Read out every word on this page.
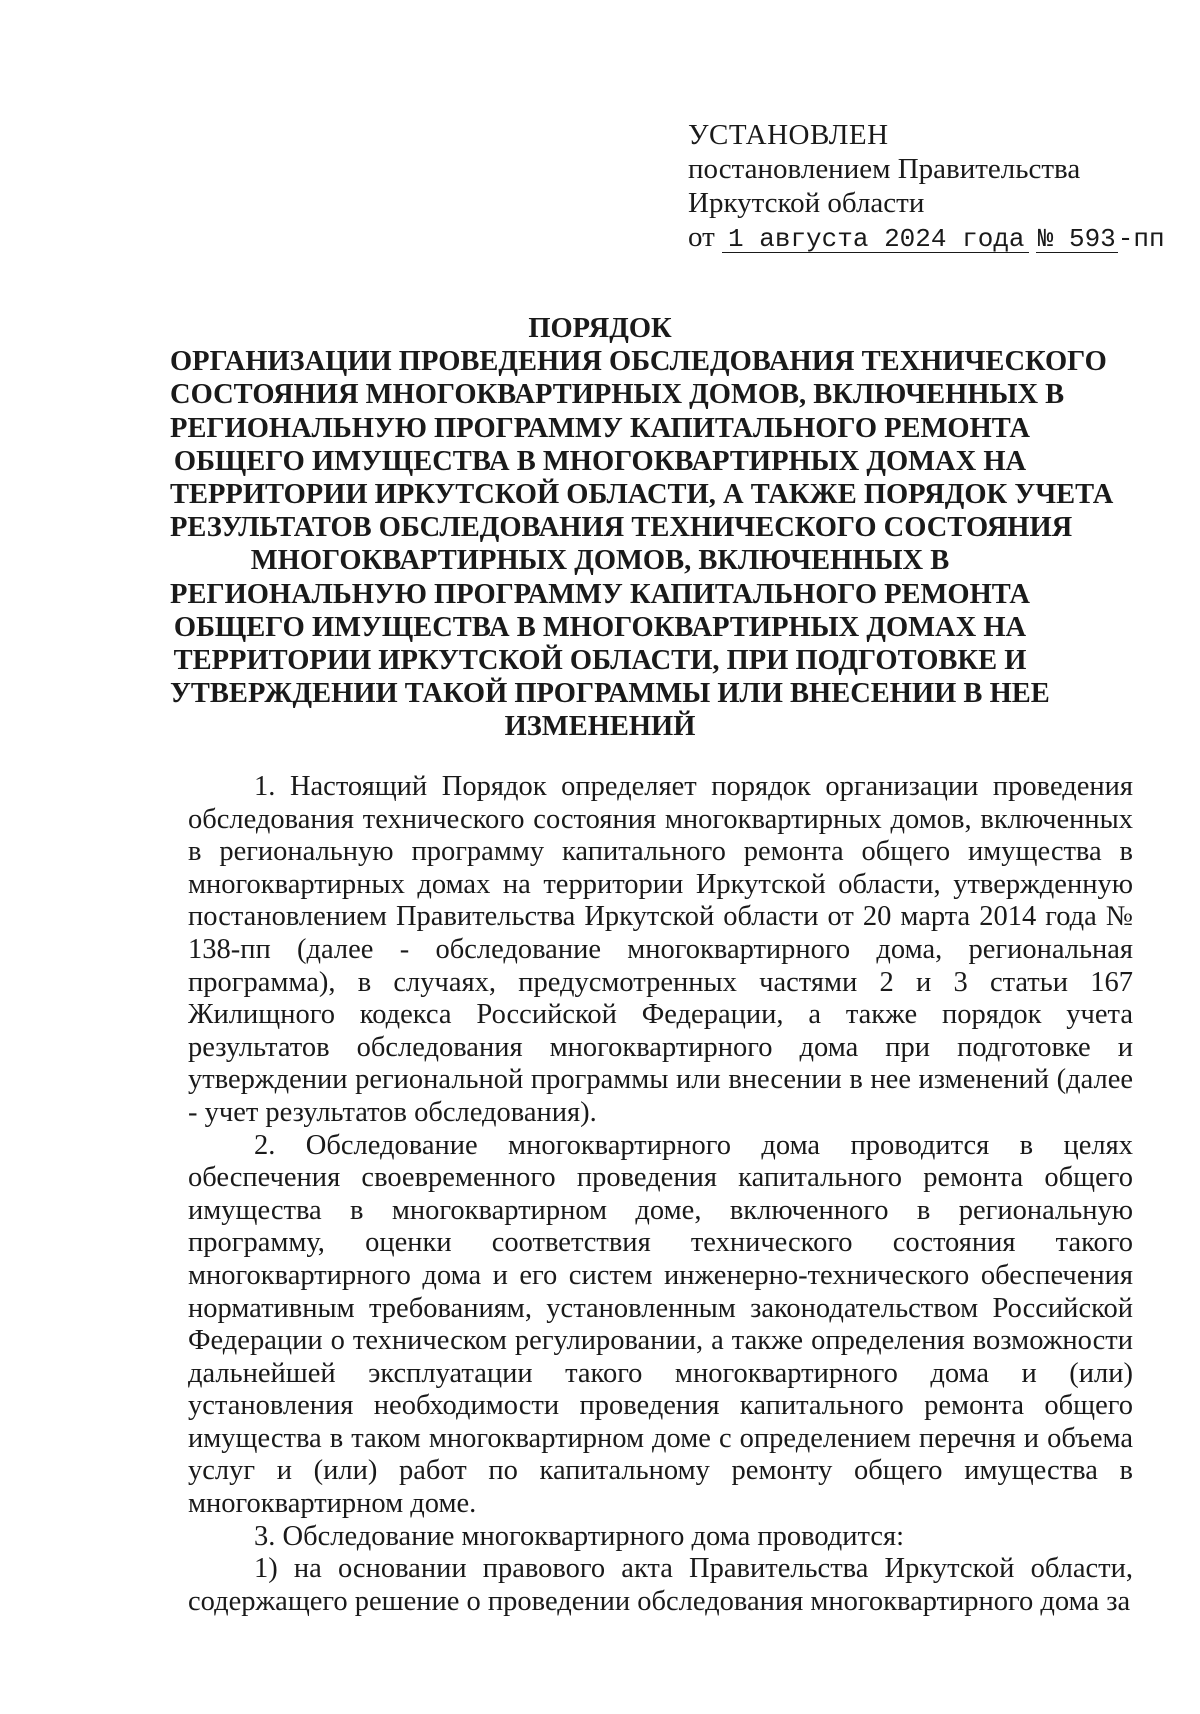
УСТАНОВЛЕН
постановлением Правительства
Иркутской области
от 1 августа 2024 года № 593-пп
ПОРЯДОК
ОРГАНИЗАЦИИ ПРОВЕДЕНИЯ ОБСЛЕДОВАНИЯ ТЕХНИЧЕСКОГО
СОСТОЯНИЯ МНОГОКВАРТИРНЫХ ДОМОВ, ВКЛЮЧЕННЫХ В
РЕГИОНАЛЬНУЮ ПРОГРАММУ КАПИТАЛЬНОГО РЕМОНТА
ОБЩЕГО ИМУЩЕСТВА В МНОГОКВАРТИРНЫХ ДОМАХ НА
ТЕРРИТОРИИ ИРКУТСКОЙ ОБЛАСТИ, А ТАКЖЕ ПОРЯДОК УЧЕТА
РЕЗУЛЬТАТОВ ОБСЛЕДОВАНИЯ ТЕХНИЧЕСКОГО СОСТОЯНИЯ
МНОГОКВАРТИРНЫХ ДОМОВ, ВКЛЮЧЕННЫХ В
РЕГИОНАЛЬНУЮ ПРОГРАММУ КАПИТАЛЬНОГО РЕМОНТА
ОБЩЕГО ИМУЩЕСТВА В МНОГОКВАРТИРНЫХ ДОМАХ НА
ТЕРРИТОРИИ ИРКУТСКОЙ ОБЛАСТИ, ПРИ ПОДГОТОВКЕ И
УТВЕРЖДЕНИИ ТАКОЙ ПРОГРАММЫ ИЛИ ВНЕСЕНИИ В НЕЕ
ИЗМЕНЕНИЙ

1. Настоящий Порядок определяет порядок организации проведения обследования технического состояния многоквартирных домов, включенных в региональную программу капитального ремонта общего имущества в многоквартирных домах на территории Иркутской области, утвержденную постановлением Правительства Иркутской области от 20 марта 2014 года № 138-пп (далее - обследование многоквартирного дома, региональная программа), в случаях, предусмотренных частями 2 и 3 статьи 167 Жилищного кодекса Российской Федерации, а также порядок учета результатов обследования многоквартирного дома при подготовке и утверждении региональной программы или внесении в нее изменений (далее - учет результатов обследования).

2. Обследование многоквартирного дома проводится в целях обеспечения своевременного проведения капитального ремонта общего имущества в многоквартирном доме, включенного в региональную программу, оценки соответствия технического состояния такого многоквартирного дома и его систем инженерно-технического обеспечения нормативным требованиям, установленным законодательством Российской Федерации о техническом регулировании, а также определения возможности дальнейшей эксплуатации такого многоквартирного дома и (или) установления необходимости проведения капитального ремонта общего имущества в таком многоквартирном доме с определением перечня и объема услуг и (или) работ по капитальному ремонту общего имущества в многоквартирном доме.

3. Обследование многоквартирного дома проводится:

1) на основании правового акта Правительства Иркутской области, содержащего решение о проведении обследования многоквартирного дома за
